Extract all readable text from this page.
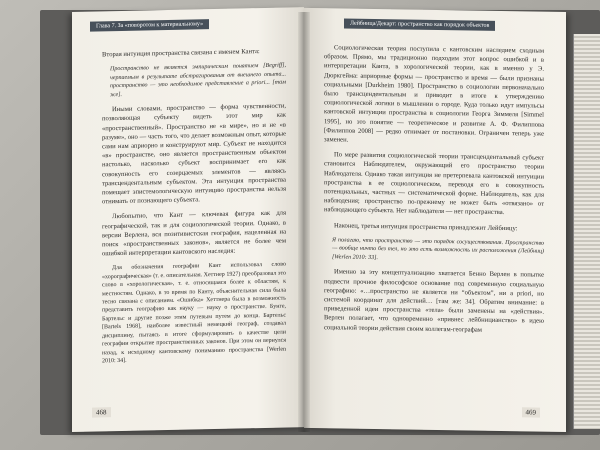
Глава 7. За «поворотом к материальному»

Вторая интуиция пространства связана с именем Канта:

Пространство не является эмпирическим понятием [Begriff], черпаемым в результате абстрагирования от внешнего опыта... пространство — это необходимое представление а priori... [там же].

Иными словами, пространство — форма чувственности, позволяющая субъекту видеть этот мир как «пространственный». Пространство не «в мире», но и не «в разуме», оно — часть того, что делает возможным опыт, которые сами нам априорно и конструируют мир. Субъект не находится «в» пространстве, оно является пространственным объектом настолько, насколько субъект воспринимает его как совокупность его созерцаемых элементов — являясь трансцендентальным субъектом. Эта интуиция пространства помещает эпистемологическую интуицию пространства нельзя отнимать от познающего субъекта.

Любопытно, что Кант — ключевая фигура как для географической, так и для социологической теории. Однако, в версии Верлена, вся позитивистская география, нацеленная на поиск «пространственных законов», является не более чем ошибкой интерпретации кантовского наследия:

Для обозначения географии Кант использовал слово «хорографическая» (т. е. описательная. Хеттнер 1927) преобразовал это слово в «хорологическая», т. е. относящаяся более к областям, к местностям. Однако, в то время по Канту, объяснительная сила была тесно связана с описанием. «Ошибка» Хеттнера была в возможность представить географию как науку — науку о пространстве. Бунге, Бартельс и другие позже этим путевым путем до конца. Бартельс [Bartels 1968], наиболее известный немецкий географ, создавал дисциплину, пытаясь в итоге сформулировать в качестве цели географии открытие пространственных законов. При этом он вернулся назад, к исходному кантовскому пониманию пространства [Werlen 2010: 34].

468
Лейбница/Декарт: пространство как порядок объектов

Социологическая теория поступила с кантовским наследием сходным образом. Прямо, мы традиционно подходим этот вопрос ошибкой и в интерпретации Канта, в хорологической теории, как в именно у Э. Дюркгейма: априорные формы — пространство и время — были признаны социальными [Durkheim 1980]. Пространство в социологии первоначально было трансцендентальным и приводит в итоге к утверждению социологической логики в мышлении о городе. Куда только идут импульсы кантовской интуиции пространства в социологии Георга Зиммеля [Simmel 1995], но это понятие — теоретическое и развитие А. Ф. Филиппова [Филиппов 2008] — редко отнимает от постановки. Ограничен теперь уже заменен.

По мере развития социологической теории трансцендентальный субъект становится Наблюдателем, окружающий его пространство теории Наблюдателя. Однако такая интуиция не претерпевала кантовской интуиции пространства в ее социологическом, переводя его в совокупность потенциальных, частных — систематической форме. Наблюдатель, как для наблюдения; пространство по-прежнему не может быть «отвязано» от наблюдающего субъекта. Нет наблюдателя — нет пространства.

Наконец, третья интуиция пространства принадлежит Лейбницу:

Я полагаю, что пространство — это порядок сосуществования. Пространство — вообще ничто без тел, но это есть возможность их расположения (Лейбниц) [Werlen 2010: 33].

Именно за эту концептуализацию хватается Бенно Верлен в попытке подвести прочное философское основание под современную социальную географию: «…пространство не является ни “объектом”, ни а priori, но системой координат для действий… [там же: 34]. Обратим внимание: в приведенной идеи пространства «тела» были заменены на «действия». Верлен полагает, что одновременно «привнес лейбницианство» в идею социальной теории действия своим коллегам-географам

469
